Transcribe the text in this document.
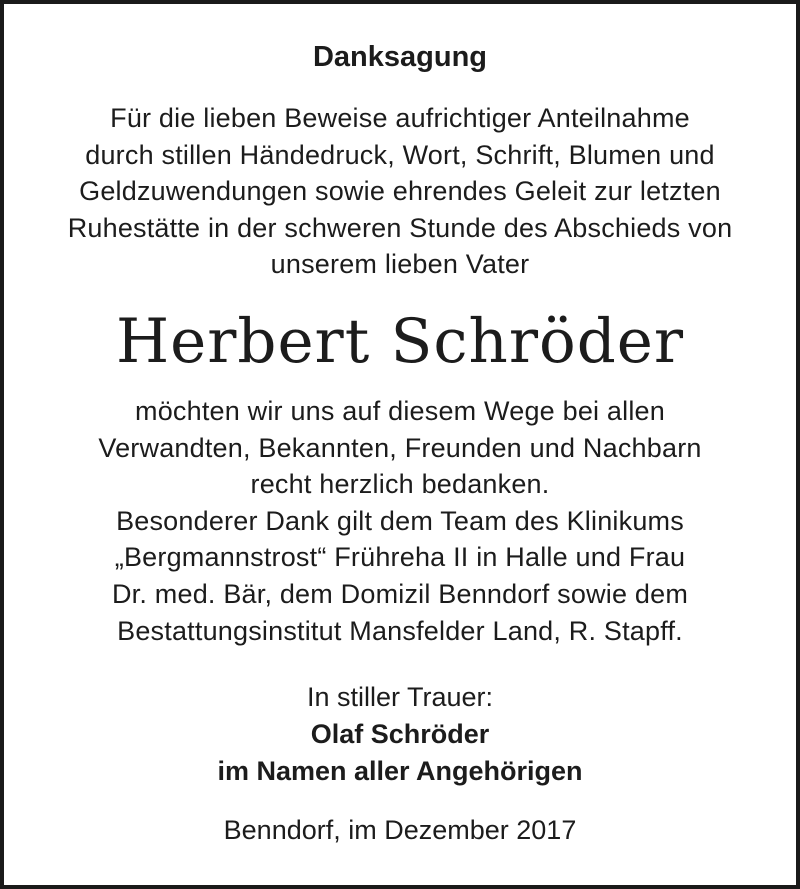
Danksagung
Für die lieben Beweise aufrichtiger Anteilnahme
durch stillen Händedruck, Wort, Schrift, Blumen und
Geldzuwendungen sowie ehrendes Geleit zur letzten
Ruhestätte in der schweren Stunde des Abschieds von
unserem lieben Vater
Herbert Schröder
möchten wir uns auf diesem Wege bei allen
Verwandten, Bekannten, Freunden und Nachbarn
recht herzlich bedanken.
Besonderer Dank gilt dem Team des Klinikums
„Bergmannstrost“ Frühreha II in Halle und Frau
Dr. med. Bär, dem Domizil Benndorf sowie dem
Bestattungsinstitut Mansfelder Land, R. Stapff.
In stiller Trauer:
Olaf Schröder
im Namen aller Angehörigen
Benndorf, im Dezember 2017
